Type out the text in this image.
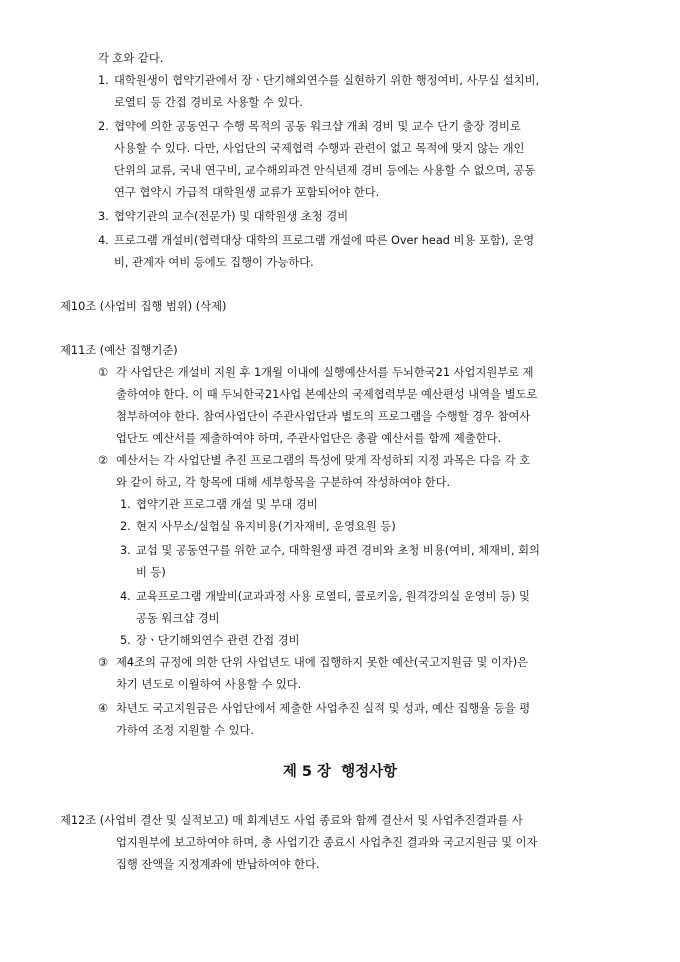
각 호와 같다.
1. 대학원생이 협약기관에서 장ㆍ단기해외연수를 실현하기 위한 행정여비, 사무실 설치비,
로열티 등 간접 경비로 사용할 수 있다.
2. 협약에 의한 공동연구 수행 목적의 공동 워크샵 개최 경비 및 교수 단기 출장 경비로
사용할 수 있다. 다만, 사업단의 국제협력 수행과 관련이 없고 목적에 맞지 않는 개인
단위의 교류, 국내 연구비, 교수해외파견 안식년제 경비 등에는 사용할 수 없으며, 공동
연구 협약시 가급적 대학원생 교류가 포함되어야 한다.
3. 협약기관의 교수(전문가) 및 대학원생 초청 경비
4. 프로그램 개설비(협력대상 대학의 프로그램 개설에 따른 Over head 비용 포함), 운영
비, 관계자 여비 등에도 집행이 가능하다.
제10조 (사업비 집행 범위) (삭제)
제11조 (예산 집행기준)
① 각 사업단은 개설비 지원 후 1개월 이내에 실행예산서를 두뇌한국21 사업지원부로 제
출하여야 한다. 이 때 두뇌한국21사업 본예산의 국제협력부문 예산편성 내역을 별도로
첨부하여야 한다. 참여사업단이 주관사업단과 별도의 프로그램을 수행할 경우 참여사
업단도 예산서를 제출하여야 하며, 주관사업단은 총괄 예산서를 함께 제출한다.
② 예산서는 각 사업단별 추진 프로그램의 특성에 맞게 작성하되 지정 과목은 다음 각 호
와 같이 하고, 각 항목에 대해 세부항목을 구분하여 작성하여야 한다.
1. 협약기관 프로그램 개설 및 부대 경비
2. 현지 사무소/실험실 유지비용(기자재비, 운영요원 등)
3. 교섭 및 공동연구를 위한 교수, 대학원생 파견 경비와 초청 비용(여비, 체재비, 회의
비 등)
4. 교육프로그램 개발비(교과과정 사용 로열티, 콜로키움, 원격강의실 운영비 등) 및
공동 워크샵 경비
5. 장ㆍ단기해외연수 관련 간접 경비
③ 제4조의 규정에 의한 단위 사업년도 내에 집행하지 못한 예산(국고지원금 및 이자)은
차기 년도로 이월하여 사용할 수 있다.
④ 차년도 국고지원금은 사업단에서 제출한 사업추진 실적 및 성과, 예산 집행율 등을 평
가하여 조정 지원할 수 있다.
제 5 장  행정사항
제12조 (사업비 결산 및 실적보고) 매 회계년도 사업 종료와 함께 결산서 및 사업추진결과를 사
업지원부에 보고하여야 하며, 총 사업기간 종료시 사업추진 결과와 국고지원금 및 이자
집행 잔액을 지정계좌에 반납하여야 한다.
